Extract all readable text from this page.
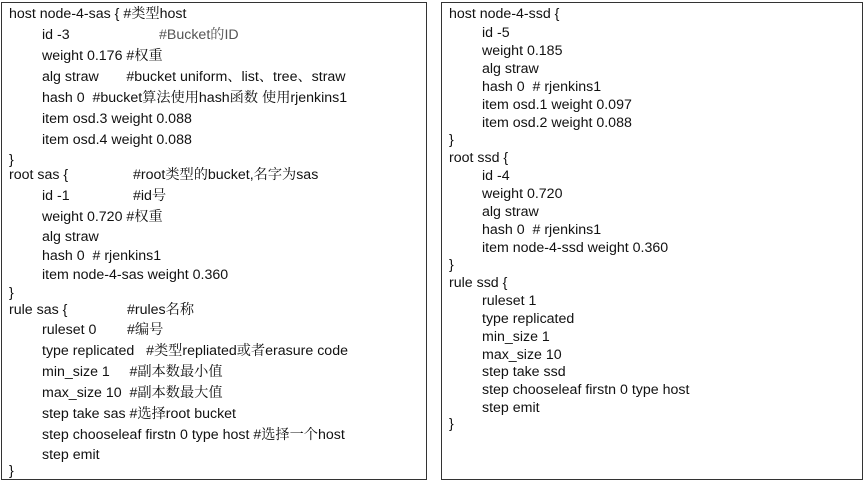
host node-4-sas { #类型host
id -3	#Bucket的ID
weight 0.176 #权重
alg straw       #bucket uniform、list、tree、straw
hash 0  #bucket算法使用hash函数 使用rjenkins1
item osd.3 weight 0.088
item osd.4 weight 0.088
}
root sas {	#root类型的bucket,名字为sas
id -1	#id号
weight 0.720 #权重
alg straw
hash 0  # rjenkins1
item node-4-sas weight 0.360
}
rule sas {	#rules名称
ruleset 0 #编号
type replicated   #类型repliated或者erasure code
min_size 1     #副本数最小值
max_size 10  #副本数最大值
step take sas #选择root bucket
step chooseleaf firstn 0 type host #选择一个host
step emit
}
host node-4-ssd {
id -5
weight 0.185
alg straw
hash 0  # rjenkins1
item osd.1 weight 0.097
item osd.2 weight 0.088
}
root ssd {
id -4
weight 0.720
alg straw
hash 0  # rjenkins1
item node-4-ssd weight 0.360
}
rule ssd {
ruleset 1
type replicated
min_size 1
max_size 10
step take ssd
step chooseleaf firstn 0 type host
step emit
}
